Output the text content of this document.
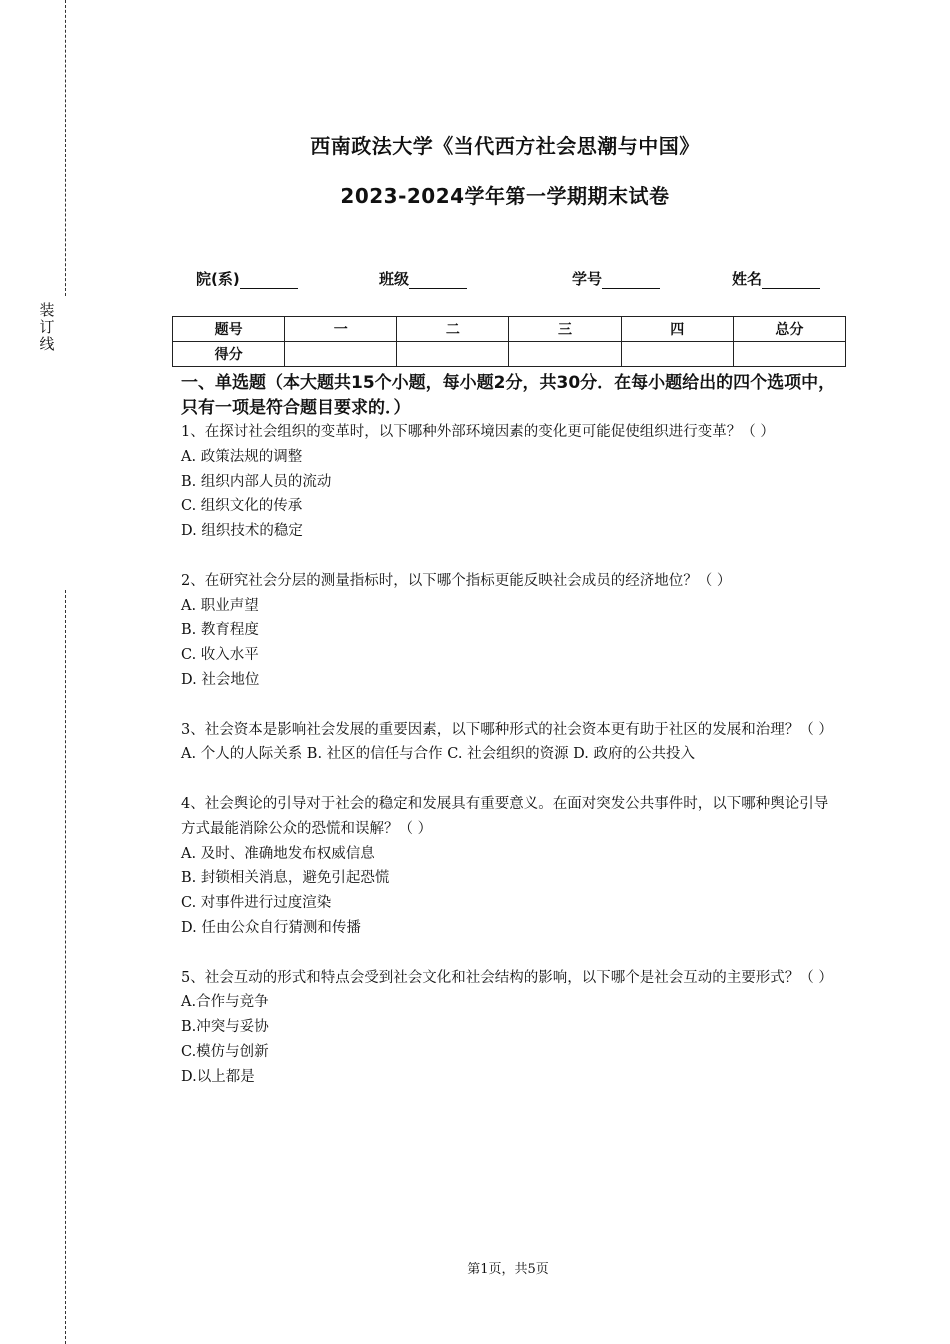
装
订
线
西南政法大学《当代西方社会思潮与中国》
2023-2024学年第一学期期末试卷
院(系)	班级	学号	姓名
题号	一	二	三	四	总分
得分					
一、单选题（本大题共15个小题，每小题2分，共30分．在每小题给出的四个选项中，只有一项是符合题目要求的．）

1、在探讨社会组织的变革时，以下哪种外部环境因素的变化更可能促使组织进行变革？（ ）

A. 政策法规的调整

B. 组织内部人员的流动

C. 组织文化的传承

D. 组织技术的稳定

2、在研究社会分层的测量指标时，以下哪个指标更能反映社会成员的经济地位？（ ）

A. 职业声望

B. 教育程度

C. 收入水平

D. 社会地位

3、社会资本是影响社会发展的重要因素，以下哪种形式的社会资本更有助于社区的发展和治理？（ ）

A. 个人的人际关系 B. 社区的信任与合作 C. 社会组织的资源 D. 政府的公共投入

4、社会舆论的引导对于社会的稳定和发展具有重要意义。在面对突发公共事件时，以下哪种舆论引导方式最能消除公众的恐慌和误解？（ ）

A. 及时、准确地发布权威信息

B. 封锁相关消息，避免引起恐慌

C. 对事件进行过度渲染

D. 任由公众自行猜测和传播

5、社会互动的形式和特点会受到社会文化和社会结构的影响，以下哪个是社会互动的主要形式？（ ）

A.合作与竞争

B.冲突与妥协

C.模仿与创新

D.以上都是

第1页，共5页
